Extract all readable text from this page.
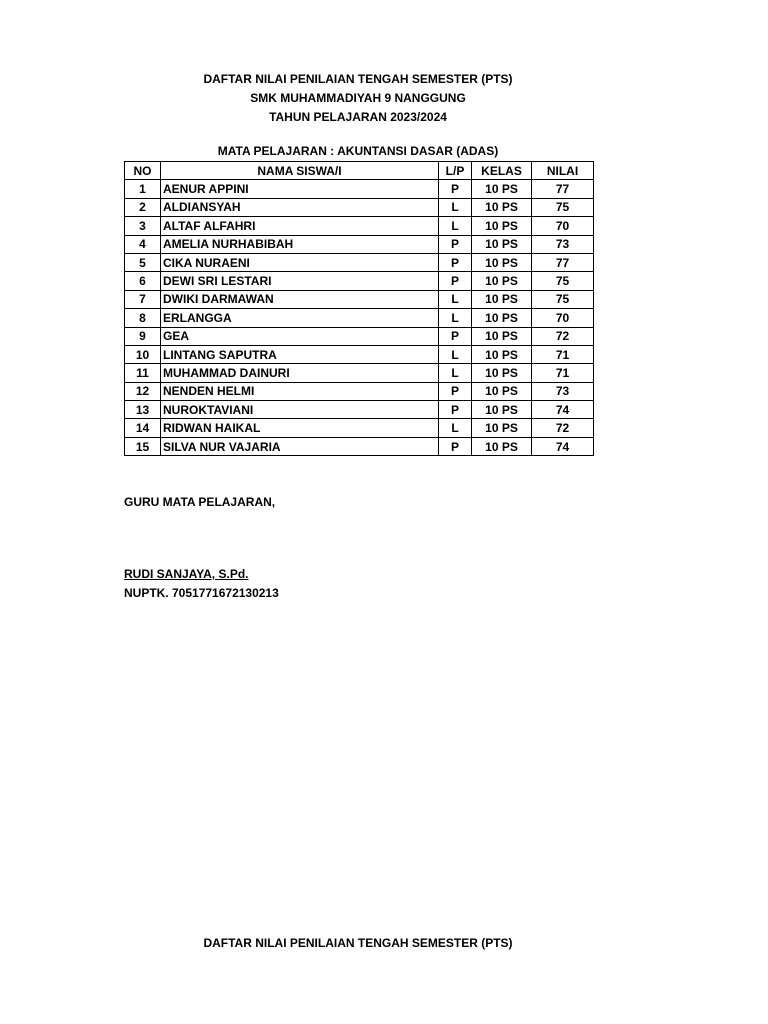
DAFTAR NILAI PENILAIAN TENGAH SEMESTER (PTS)
SMK MUHAMMADIYAH 9 NANGGUNG
TAHUN PELAJARAN 2023/2024
MATA PELAJARAN : AKUNTANSI DASAR (ADAS)
NO	NAMA SISWA/I	L/P	KELAS	NILAI
1	AENUR APPINI	P	10 PS	77
2	ALDIANSYAH	L	10 PS	75
3	ALTAF ALFAHRI	L	10 PS	70
4	AMELIA NURHABIBAH	P	10 PS	73
5	CIKA NURAENI	P	10 PS	77
6	DEWI SRI LESTARI	P	10 PS	75
7	DWIKI DARMAWAN	L	10 PS	75
8	ERLANGGA	L	10 PS	70
9	GEA	P	10 PS	72
10	LINTANG SAPUTRA	L	10 PS	71
11	MUHAMMAD DAINURI	L	10 PS	71
12	NENDEN HELMI	P	10 PS	73
13	NUROKTAVIANI	P	10 PS	74
14	RIDWAN HAIKAL	L	10 PS	72
15	SILVA NUR VAJARIA	P	10 PS	74
GURU MATA PELAJARAN,
RUDI SANJAYA, S.Pd.
NUPTK. 7051771672130213
DAFTAR NILAI PENILAIAN TENGAH SEMESTER (PTS)
